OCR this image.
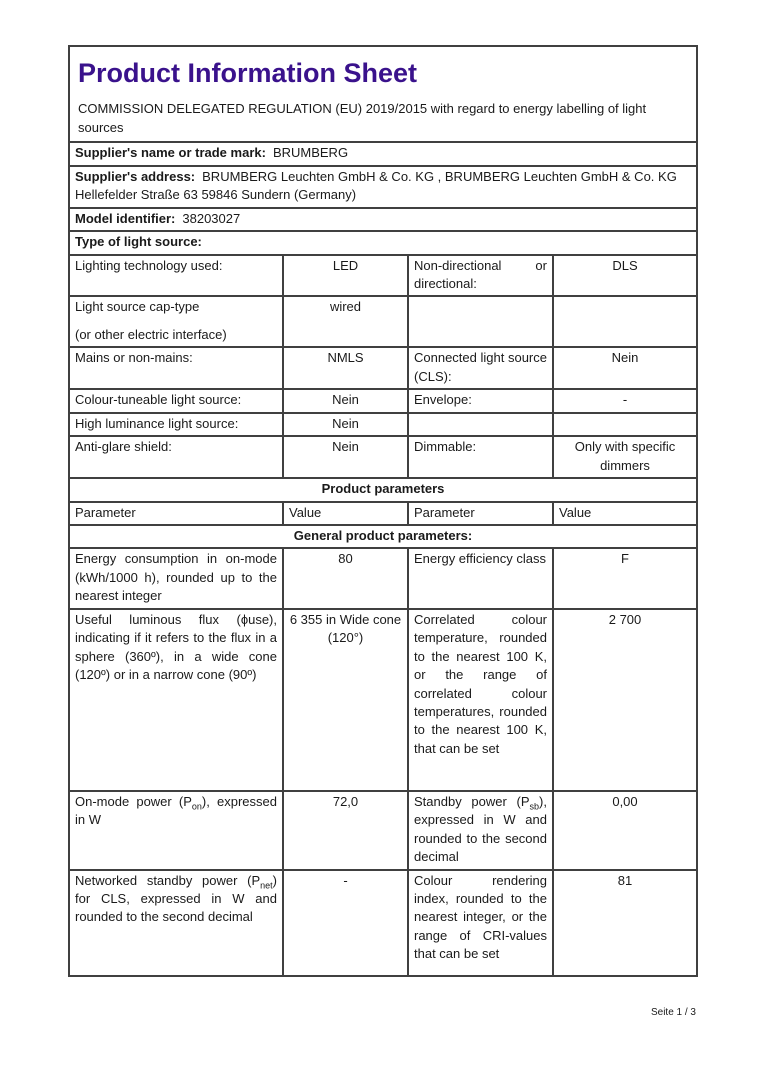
Product Information Sheet

COMMISSION DELEGATED REGULATION (EU) 2019/2015 with regard to energy labelling of light
sources

Supplier's name or trade mark: BRUMBERG			
Supplier's address: BRUMBERG Leuchten GmbH & Co. KG , BRUMBERG Leuchten GmbH & Co. KG
Hellefelder Straße 63 59846 Sundern (Germany)			
Model identifier: 38203027			
Type of light source:			
Lighting technology used:	LED	Non-directional or directional:	DLS

Light source cap-type
(or other electric interface)	wired		
Mains or non-mains:	NMLS	Connected light source (CLS):	Nein
Colour-tuneable light source:	Nein	Envelope:	-
High luminance light source:	Nein		
Anti-glare shield:	Nein	Dimmable:	Only with specific dimmers
Product parameters			
Parameter	Value	Parameter	Value
General product parameters:			
Energy consumption in on-mode (kWh/1000 h), rounded up to the nearest integer	80	Energy efficiency class	F
Useful luminous flux (ϕuse), indicating if it refers to the flux in a sphere (360º), in a wide cone (120º) or in a narrow cone (90º)	6 355 in Wide cone (120°)	Correlated colour temperature, rounded to the nearest 100 K, or the range of correlated colour temperatures, rounded to the nearest 100 K, that can be set	2 700
On-mode power $(P_{on})$, expressed in W	72,0	Standby power $(P_{sb})$, expressed in W and rounded to the second decimal	0,00
Networked standby power $(P_{net})$ for CLS, expressed in W and rounded to the second decimal	-	Colour rendering index, rounded to the nearest integer, or the range of CRI-values that can be set	81
Seite 1 / 3
